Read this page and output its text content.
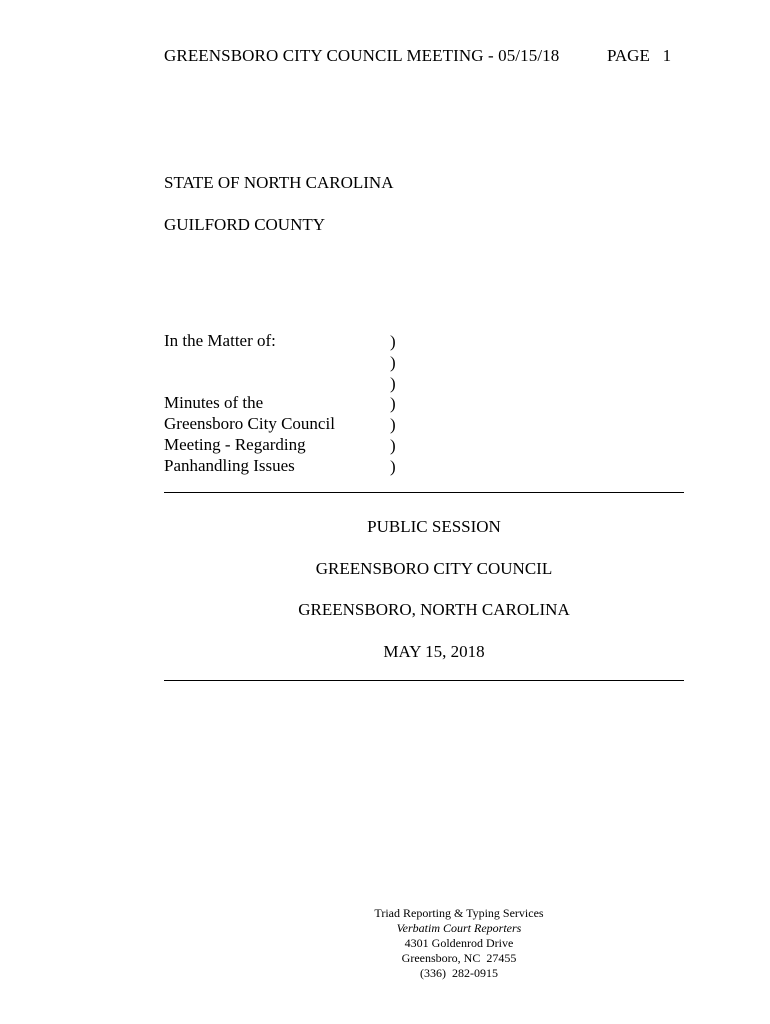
GREENSBORO CITY COUNCIL MEETING - 05/15/18	PAGE   1
STATE OF NORTH CAROLINA
GUILFORD COUNTY
In the Matter of:
Minutes of the
Greensboro City Council
Meeting - Regarding
Panhandling Issues
)
)
)
)
)
)
)
PUBLIC SESSION
GREENSBORO CITY COUNCIL
GREENSBORO, NORTH CAROLINA
MAY 15, 2018
Triad Reporting & Typing Services
Verbatim Court Reporters
4301 Goldenrod Drive
Greensboro, NC  27455
(336)  282-0915
